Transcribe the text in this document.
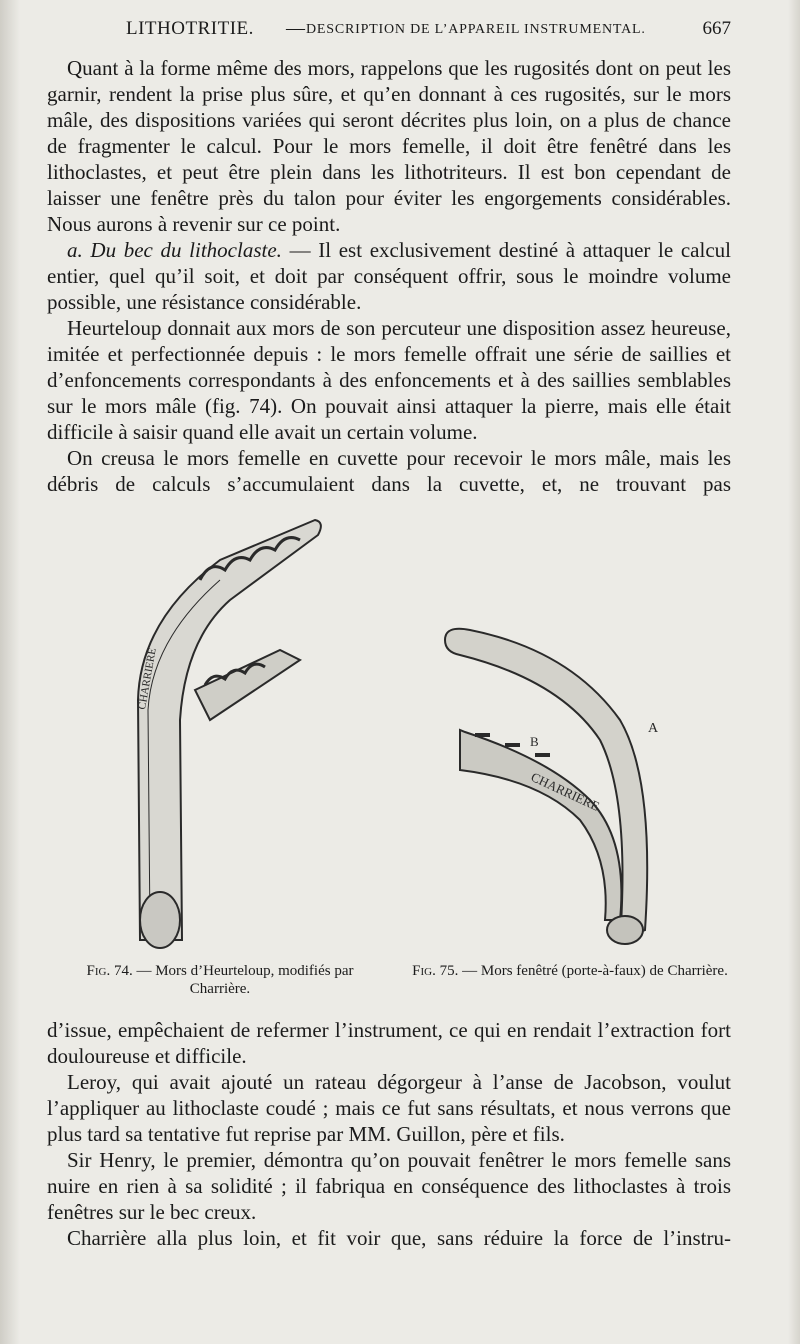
LITHOTRITIE. — DESCRIPTION DE L’APPAREIL INSTRUMENTAL.	667

Quant à la forme même des mors, rappelons que les rugosités dont on peut les garnir, rendent la prise plus sûre, et qu’en donnant à ces rugosités, sur le mors mâle, des dispositions variées qui seront décrites plus loin, on a plus de chance de fragmenter le calcul. Pour le mors femelle, il doit être fenêtré dans les lithoclastes, et peut être plein dans les lithotriteurs. Il est bon cependant de laisser une fenêtre près du talon pour éviter les engorgements considérables. Nous aurons à revenir sur ce point.

a. Du bec du lithoclaste. — Il est exclusivement destiné à attaquer le calcul entier, quel qu’il soit, et doit par conséquent offrir, sous le moindre volume possible, une résistance considérable.

Heurteloup donnait aux mors de son percuteur une disposition assez heureuse, imitée et perfectionnée depuis : le mors femelle offrait une série de saillies et d’enfoncements correspondants à des enfoncements et à des saillies semblables sur le mors mâle (fig. 74). On pouvait ainsi attaquer la pierre, mais elle était difficile à saisir quand elle avait un certain volume.

On creusa le mors femelle en cuvette pour recevoir le mors mâle, mais les débris de calculs s’accumulaient dans la cuvette, et, ne trouvant pas

CHARRIERE
CHARRIERE
A
B
Fig. 74. — Mors d’Heurteloup, modifiés par Charrière.
Fig. 75. — Mors fenêtré (porte-à-faux) de Charrière.

d’issue, empêchaient de refermer l’instrument, ce qui en rendait l’extraction fort douloureuse et difficile.

Leroy, qui avait ajouté un rateau dégorgeur à l’anse de Jacobson, voulut l’appliquer au lithoclaste coudé ; mais ce fut sans résultats, et nous verrons que plus tard sa tentative fut reprise par MM. Guillon, père et fils.

Sir Henry, le premier, démontra qu’on pouvait fenêtrer le mors femelle sans nuire en rien à sa solidité ; il fabriqua en conséquence des lithoclastes à trois fenêtres sur le bec creux.

Charrière alla plus loin, et fit voir que, sans réduire la force de l’instru-
